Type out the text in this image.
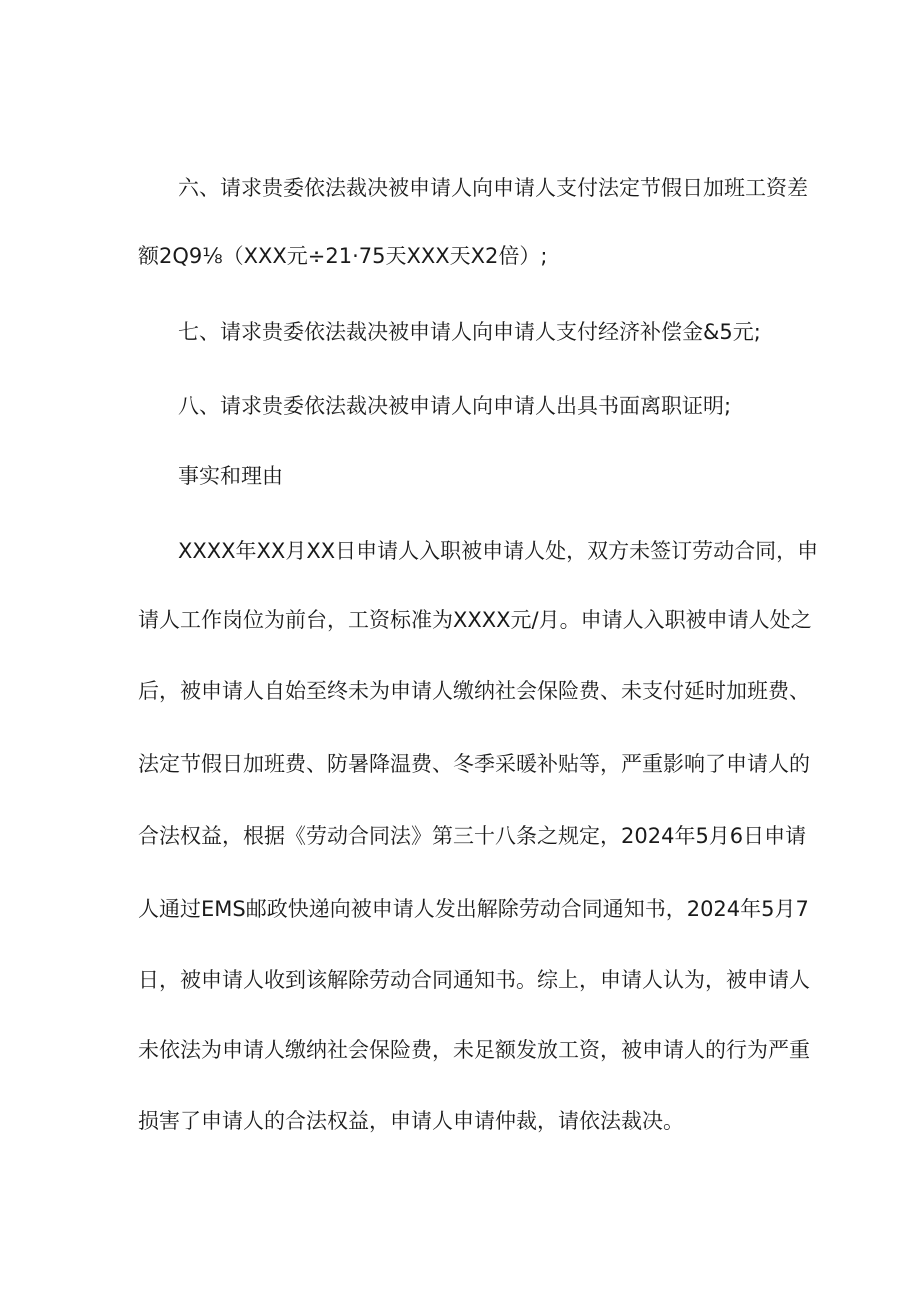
六、请求贵委依法裁决被申请人向申请人支付法定节假日加班工资差
额2Q9⅛（XXX元÷21·75天XXX天X2倍）;
七、请求贵委依法裁决被申请人向申请人支付经济补偿金&5元;
八、请求贵委依法裁决被申请人向申请人出具书面离职证明;
事实和理由
XXXX年XX月XX日申请人入职被申请人处，双方未签订劳动合同，申
请人工作岗位为前台，工资标准为XXXX元/月。申请人入职被申请人处之
后，被申请人自始至终未为申请人缴纳社会保险费、未支付延时加班费、
法定节假日加班费、防暑降温费、冬季采暖补贴等，严重影响了申请人的
合法权益，根据《劳动合同法》第三十八条之规定，2024年5月6日申请
人通过EMS邮政快递向被申请人发出解除劳动合同通知书，2024年5月7
日，被申请人收到该解除劳动合同通知书。综上，申请人认为，被申请人
未依法为申请人缴纳社会保险费，未足额发放工资，被申请人的行为严重
损害了申请人的合法权益，申请人申请仲裁，请依法裁决。
